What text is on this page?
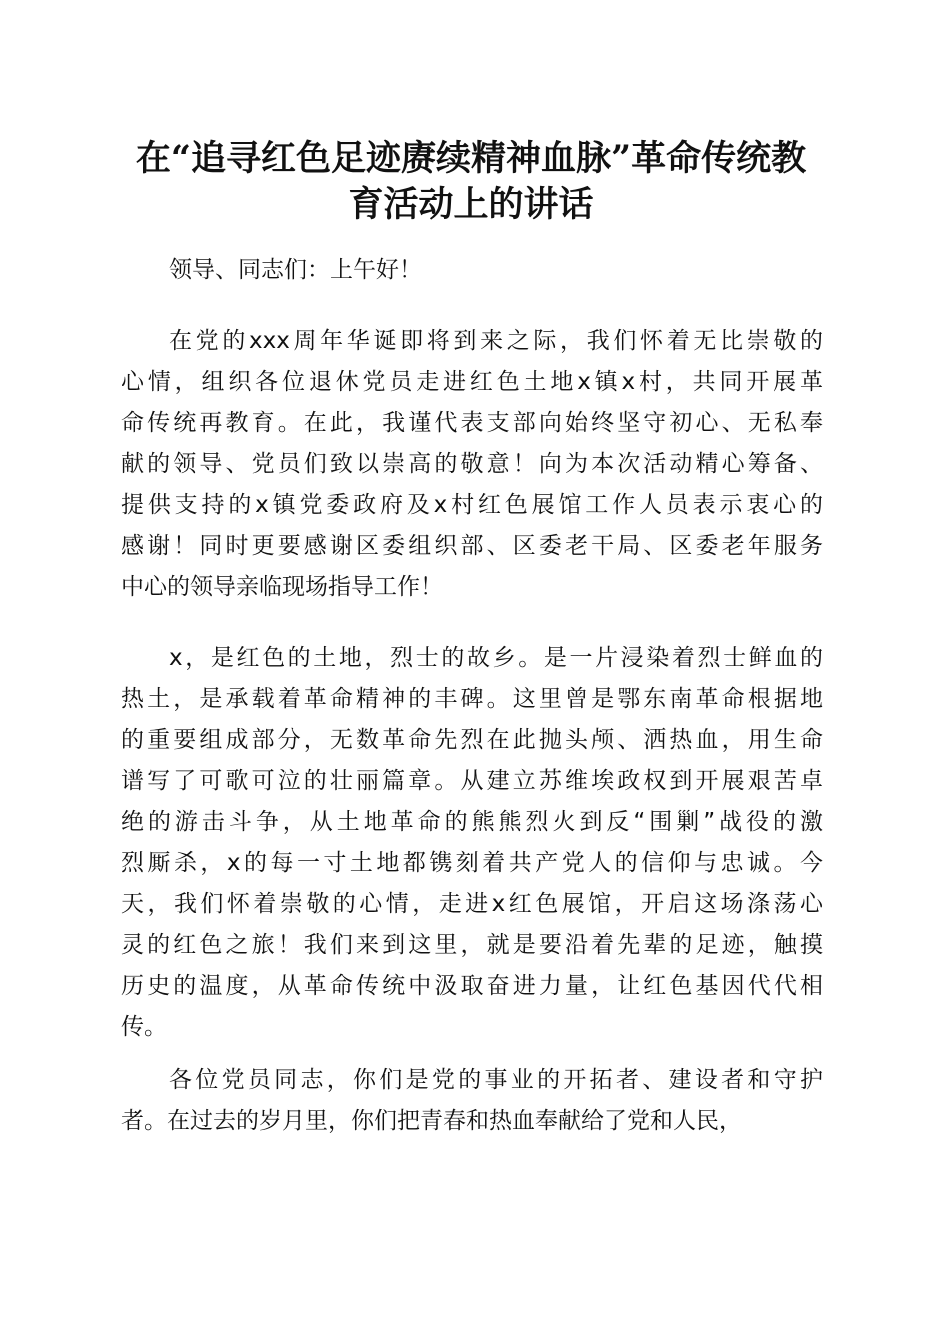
在“追寻红色足迹赓续精神血脉”革命传统教
育活动上的讲话
领导、同志们：上午好！
在党的xxx周年华诞即将到来之际，我们怀着无比崇敬的
心情，组织各位退休党员走进红色土地x镇x村，共同开展革
命传统再教育。在此，我谨代表支部向始终坚守初心、无私奉
献的领导、党员们致以崇高的敬意！向为本次活动精心筹备、
提供支持的x镇党委政府及x村红色展馆工作人员表示衷心的
感谢！同时更要感谢区委组织部、区委老干局、区委老年服务
中心的领导亲临现场指导工作！
x，是红色的土地，烈士的故乡。是一片浸染着烈士鲜血的
热土，是承载着革命精神的丰碑。这里曾是鄂东南革命根据地
的重要组成部分，无数革命先烈在此抛头颅、洒热血，用生命
谱写了可歌可泣的壮丽篇章。从建立苏维埃政权到开展艰苦卓
绝的游击斗争，从土地革命的熊熊烈火到反“围剿”战役的激
烈厮杀，x的每一寸土地都镌刻着共产党人的信仰与忠诚。今
天，我们怀着崇敬的心情，走进x红色展馆，开启这场涤荡心
灵的红色之旅！我们来到这里，就是要沿着先辈的足迹，触摸
历史的温度，从革命传统中汲取奋进力量，让红色基因代代相
传。
各位党员同志，你们是党的事业的开拓者、建设者和守护
者。在过去的岁月里，你们把青春和热血奉献给了党和人民，
